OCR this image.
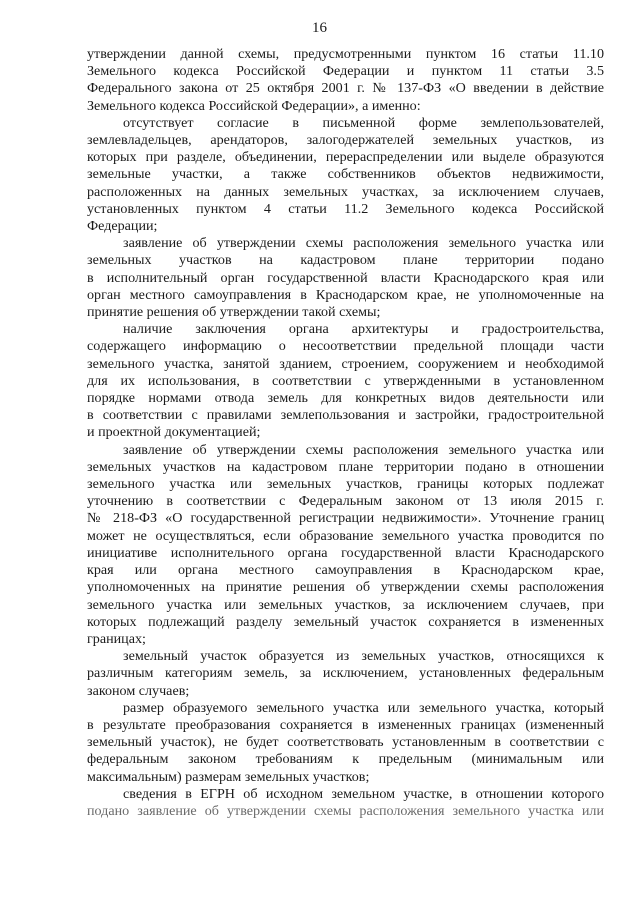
16
утверждении данной схемы, предусмотренными пунктом 16 статьи 11.10
Земельного кодекса Российской Федерации и пунктом 11 статьи 3.5
Федерального закона от 25 октября 2001 г. № 137-ФЗ «О введении в действие
Земельного кодекса Российской Федерации», а именно:
отсутствует согласие в письменной форме землепользователей,
землевладельцев, арендаторов, залогодержателей земельных участков, из
которых при разделе, объединении, перераспределении или выделе образуются
земельные участки, а также собственников объектов недвижимости,
расположенных на данных земельных участках, за исключением случаев,
установленных пунктом 4 статьи 11.2 Земельного кодекса Российской
Федерации;
заявление об утверждении схемы расположения земельного участка или
земельных участков на кадастровом плане территории подано
в исполнительный орган государственной власти Краснодарского края или
орган местного самоуправления в Краснодарском крае, не уполномоченные на
принятие решения об утверждении такой схемы;
наличие заключения органа архитектуры и градостроительства,
содержащего информацию о несоответствии предельной площади части
земельного участка, занятой зданием, строением, сооружением и необходимой
для их использования, в соответствии с утвержденными в установленном
порядке нормами отвода земель для конкретных видов деятельности или
в соответствии с правилами землепользования и застройки, градостроительной
и проектной документацией;
заявление об утверждении схемы расположения земельного участка или
земельных участков на кадастровом плане территории подано в отношении
земельного участка или земельных участков, границы которых подлежат
уточнению в соответствии с Федеральным законом от 13 июля 2015 г.
№ 218-ФЗ «О государственной регистрации недвижимости». Уточнение границ
может не осуществляться, если образование земельного участка проводится по
инициативе исполнительного органа государственной власти Краснодарского
края или органа местного самоуправления в Краснодарском крае,
уполномоченных на принятие решения об утверждении схемы расположения
земельного участка или земельных участков, за исключением случаев, при
которых подлежащий разделу земельный участок сохраняется в измененных
границах;
земельный участок образуется из земельных участков, относящихся к
различным категориям земель, за исключением, установленных федеральным
законом случаев;
размер образуемого земельного участка или земельного участка, который
в результате преобразования сохраняется в измененных границах (измененный
земельный участок), не будет соответствовать установленным в соответствии с
федеральным законом требованиям к предельным (минимальным или
максимальным) размерам земельных участков;
сведения в ЕГРН об исходном земельном участке, в отношении которого
подано заявление об утверждении схемы расположения земельного участка или
